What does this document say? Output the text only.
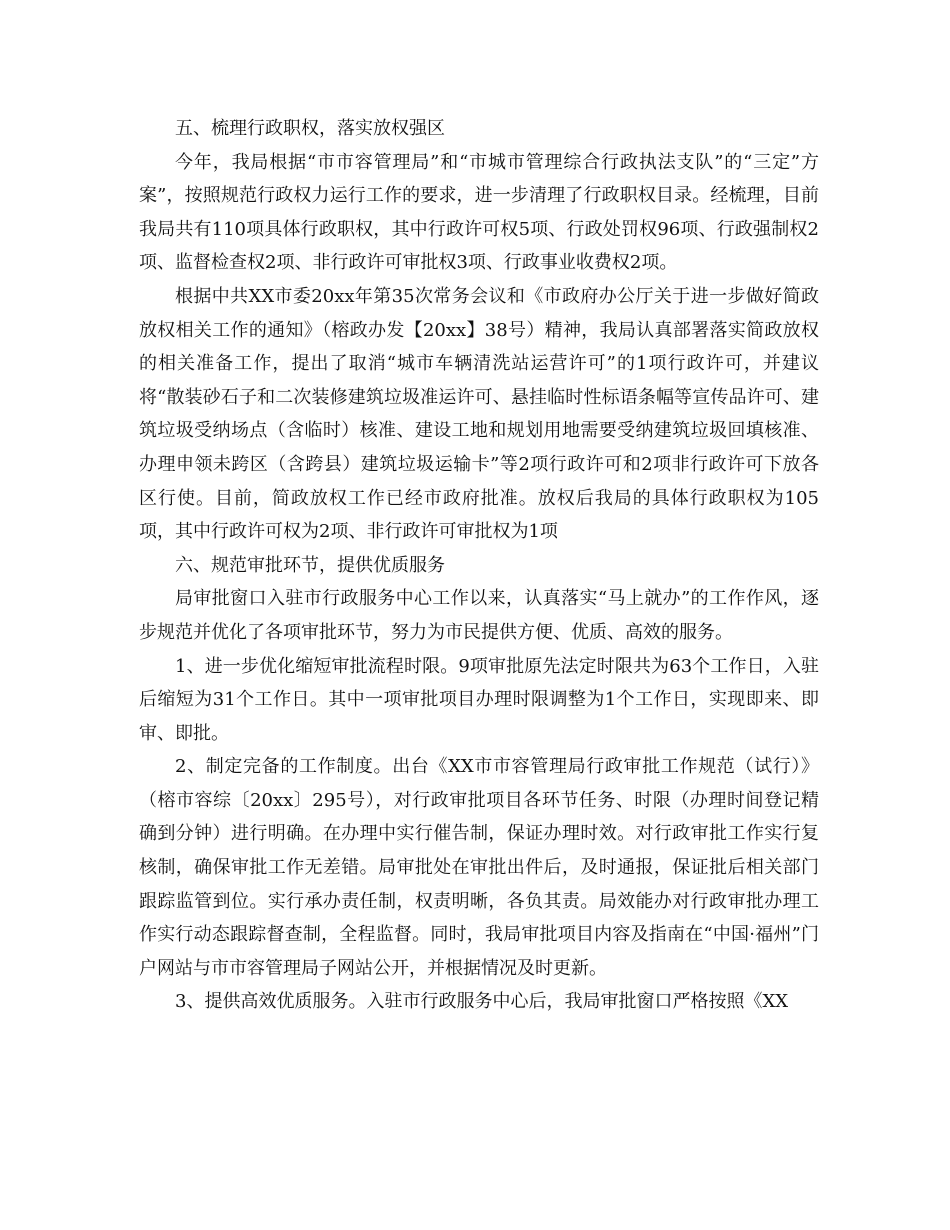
五、梳理行政职权，落实放权强区

今年，我局根据“市市容管理局”和“市城市管理综合行政执法支队”的“三定”方案”，按照规范行政权力运行工作的要求，进一步清理了行政职权目录。经梳理，目前我局共有110项具体行政职权，其中行政许可权5项、行政处罚权96项、行政强制权2项、监督检查权2项、非行政许可审批权3项、行政事业收费权2项。

根据中共XX市委20xx年第35次常务会议和《市政府办公厅关于进一步做好简政放权相关工作的通知》（榕政办发【20xx】38号）精神，我局认真部署落实简政放权的相关准备工作，提出了取消“城市车辆清洗站运营许可”的1项行政许可，并建议将“散装砂石子和二次装修建筑垃圾准运许可、悬挂临时性标语条幅等宣传品许可、建筑垃圾受纳场点（含临时）核准、建设工地和规划用地需要受纳建筑垃圾回填核准、办理申领未跨区（含跨县）建筑垃圾运输卡”等2项行政许可和2项非行政许可下放各区行使。目前，简政放权工作已经市政府批准。放权后我局的具体行政职权为105项，其中行政许可权为2项、非行政许可审批权为1项

六、规范审批环节，提供优质服务

局审批窗口入驻市行政服务中心工作以来，认真落实“马上就办”的工作作风，逐步规范并优化了各项审批环节，努力为市民提供方便、优质、高效的服务。

1、进一步优化缩短审批流程时限。9项审批原先法定时限共为63个工作日，入驻后缩短为31个工作日。其中一项审批项目办理时限调整为1个工作日，实现即来、即审、即批。

2、制定完备的工作制度。出台《XX市市容管理局行政审批工作规范（试行）》（榕市容综〔20xx〕295号），对行政审批项目各环节任务、时限（办理时间登记精确到分钟）进行明确。在办理中实行催告制，保证办理时效。对行政审批工作实行复核制，确保审批工作无差错。局审批处在审批出件后，及时通报，保证批后相关部门跟踪监管到位。实行承办责任制，权责明晰，各负其责。局效能办对行政审批办理工作实行动态跟踪督查制，全程监督。同时，我局审批项目内容及指南在“中国·福州”门户网站与市市容管理局子网站公开，并根据情况及时更新。

3、提供高效优质服务。入驻市行政服务中心后，我局审批窗口严格按照《XX
